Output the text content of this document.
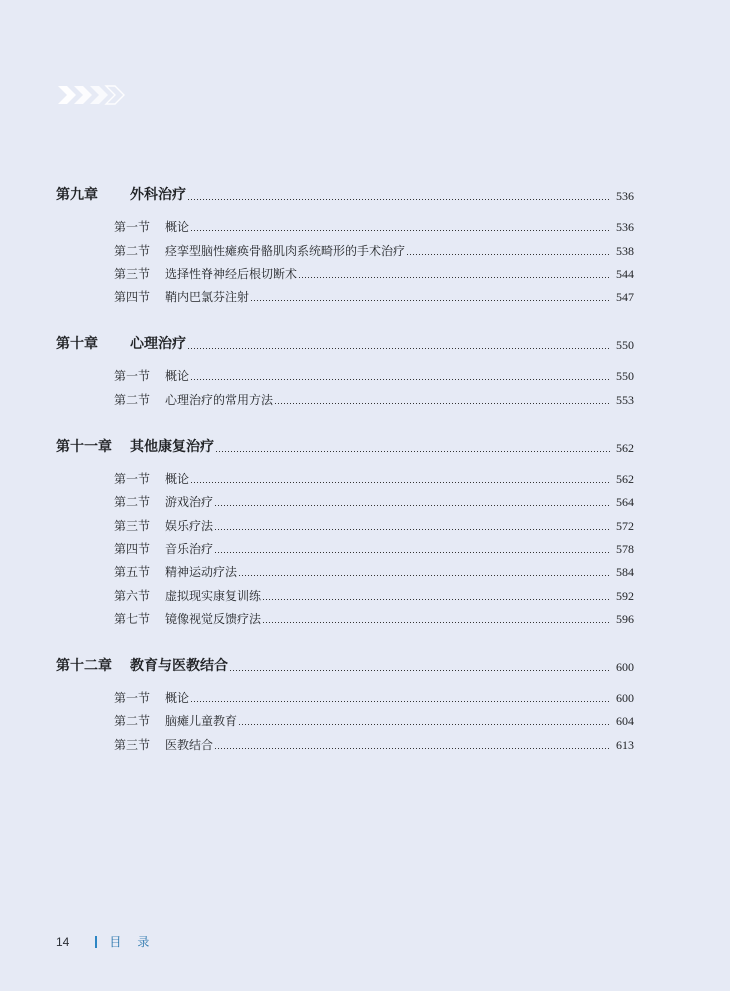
第九章	外科治疗	536
第一节	概论	536
第二节	痉挛型脑性瘫痪骨骼肌肉系统畸形的手术治疗	538
第三节	选择性脊神经后根切断术	544
第四节	鞘内巴氯芬注射	547
第十章	心理治疗	550
第一节	概论	550
第二节	心理治疗的常用方法	553
第十一章	其他康复治疗	562
第一节	概论	562
第二节	游戏治疗	564
第三节	娱乐疗法	572
第四节	音乐治疗	578
第五节	精神运动疗法	584
第六节	虚拟现实康复训练	592
第七节	镜像视觉反馈疗法	596
第十二章	教育与医教结合	600
第一节	概论	600
第二节	脑瘫儿童教育	604
第三节	医教结合	613
14	目录
